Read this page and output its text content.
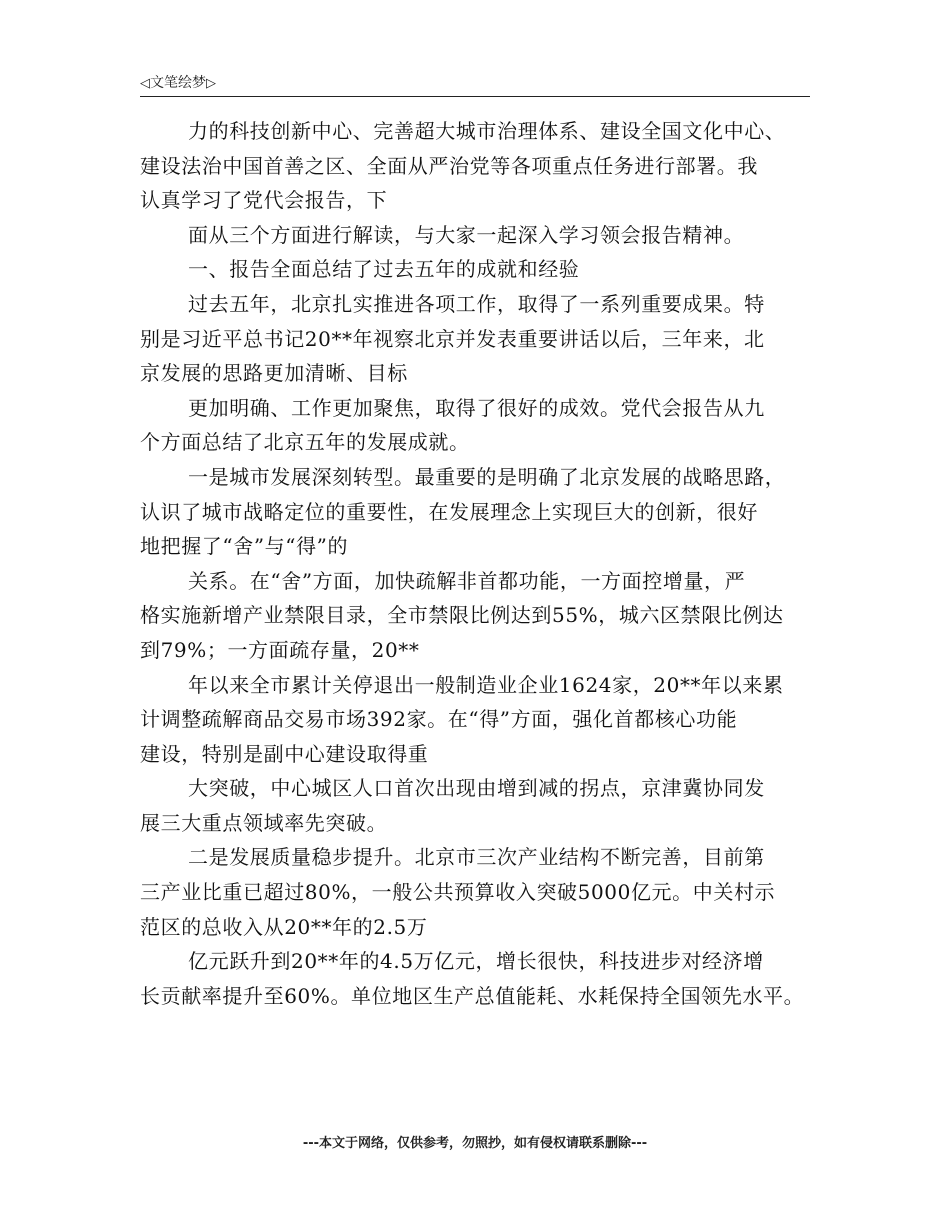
◁文笔绘梦▷
力的科技创新中心、完善超大城市治理体系、建设全国文化中心、
建设法治中国首善之区、全面从严治党等各项重点任务进行部署。我
认真学习了党代会报告，下
面从三个方面进行解读，与大家一起深入学习领会报告精神。
一、报告全面总结了过去五年的成就和经验
过去五年，北京扎实推进各项工作，取得了一系列重要成果。特
别是习近平总书记20**年视察北京并发表重要讲话以后，三年来，北
京发展的思路更加清晰、目标
更加明确、工作更加聚焦，取得了很好的成效。党代会报告从九
个方面总结了北京五年的发展成就。
一是城市发展深刻转型。最重要的是明确了北京发展的战略思路，
认识了城市战略定位的重要性，在发展理念上实现巨大的创新，很好
地把握了“舍”与“得”的
关系。在“舍”方面，加快疏解非首都功能，一方面控增量，严
格实施新增产业禁限目录，全市禁限比例达到55%，城六区禁限比例达
到79%；一方面疏存量，20**
年以来全市累计关停退出一般制造业企业1624家，20**年以来累
计调整疏解商品交易市场392家。在“得”方面，强化首都核心功能
建设，特别是副中心建设取得重
大突破，中心城区人口首次出现由增到减的拐点，京津冀协同发
展三大重点领域率先突破。
二是发展质量稳步提升。北京市三次产业结构不断完善，目前第
三产业比重已超过80%，一般公共预算收入突破5000亿元。中关村示
范区的总收入从20**年的2.5万
亿元跃升到20**年的4.5万亿元，增长很快，科技进步对经济增
长贡献率提升至60%。单位地区生产总值能耗、水耗保持全国领先水平。
---本文于网络，仅供参考，勿照抄，如有侵权请联系删除---
